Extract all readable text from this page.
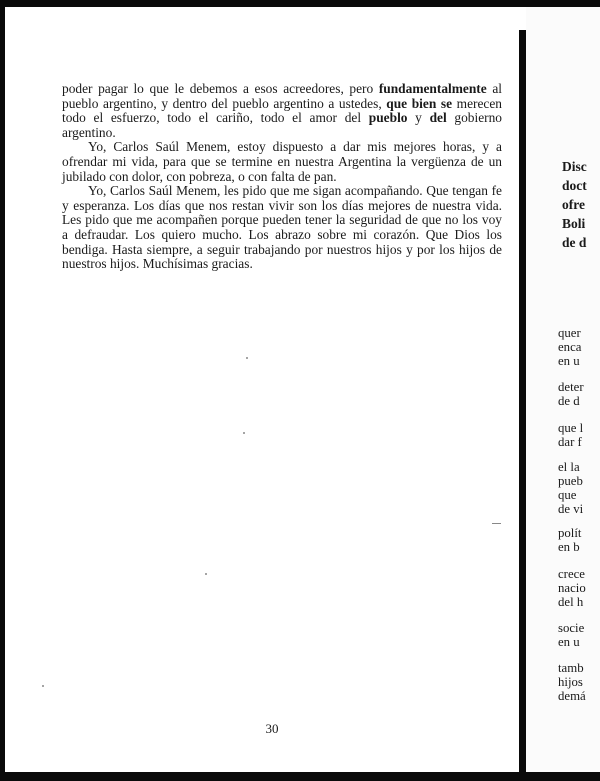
poder pagar lo que le debemos a esos acreedores, pero fundamentalmente al pueblo argentino, y dentro del pueblo argentino a ustedes, que bien se merecen todo el esfuerzo, todo el cariño, todo el amor del pueblo y del gobierno argentino.

Yo, Carlos Saúl Menem, estoy dispuesto a dar mis mejores horas, y a ofrendar mi vida, para que se termine en nuestra Argentina la vergüenza de un jubilado con dolor, con pobreza, o con falta de pan.

Yo, Carlos Saúl Menem, les pido que me sigan acompañando. Que tengan fe y esperanza. Los días que nos restan vivir son los días mejores de nuestra vida. Les pido que me acompañen porque pueden tener la seguridad de que no los voy a defraudar. Los quiero mucho. Los abrazo sobre mi corazón. Que Dios los bendiga. Hasta siempre, a seguir trabajando por nuestros hijos y por los hijos de nuestros hijos. Muchísimas gracias.

30
Disc
doct
ofre
Boli
de d
quer
enca
en u
deter
de d
que l
dar f
el la
pueb
que
de vi
polít
en b
crece
nacio
del h
socie
en u
tamb
hijos
demá
